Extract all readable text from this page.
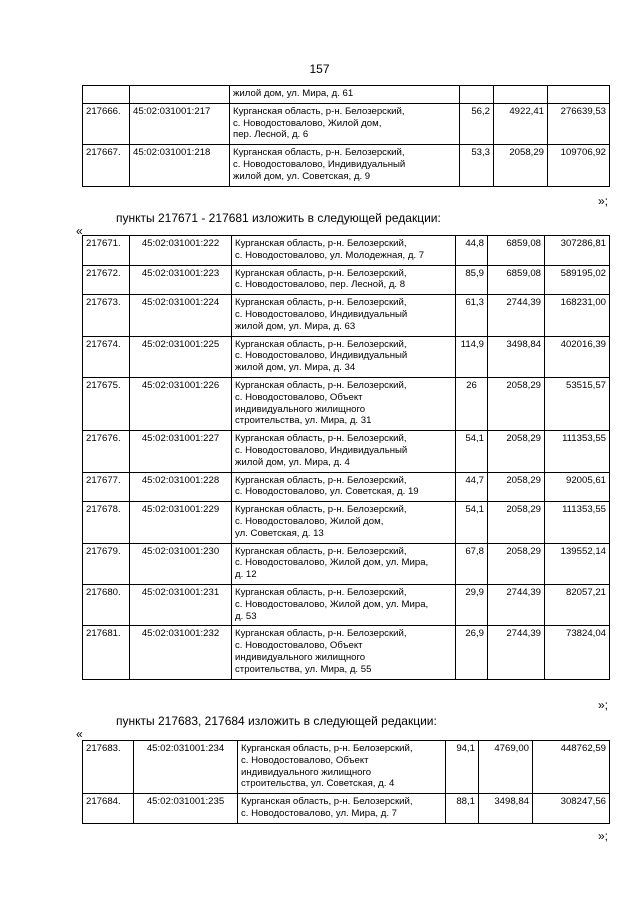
157
		жилой дом, ул. Мира, д. 61			
217666.	45:02:031001:217	Курганская область, р-н. Белозерский,
с. Новодостовалово, Жилой дом,
пер. Лесной, д. 6	56,2	4922,41	276639,53
217667.	45:02:031001:218	Курганская область, р-н. Белозерский,
с. Новодостовалово, Индивидуальный
жилой дом, ул. Советская, д. 9	53,3	2058,29	109706,92
»;
пункты 217671 - 217681 изложить в следующей редакции:
«
217671.	45:02:031001:222	Курганская область, р-н. Белозерский,
с. Новодостовалово, ул. Молодежная, д. 7	44,8	6859,08	307286,81
217672.	45:02:031001:223	Курганская область, р-н. Белозерский,
с. Новодостовалово, пер. Лесной, д. 8	85,9	6859,08	589195,02
217673.	45:02:031001:224	Курганская область, р-н. Белозерский,
с. Новодостовалово, Индивидуальный
жилой дом, ул. Мира, д. 63	61,3	2744,39	168231,00
217674.	45:02:031001:225	Курганская область, р-н. Белозерский,
с. Новодостовалово, Индивидуальный
жилой дом, ул. Мира, д. 34	114,9	3498,84	402016,39
217675.	45:02:031001:226	Курганская область, р-н. Белозерский,
с. Новодостовалово, Объект
индивидуального жилищного
строительства, ул. Мира, д. 31	26	2058,29	53515,57
217676.	45:02:031001:227	Курганская область, р-н. Белозерский,
с. Новодостовалово, Индивидуальный
жилой дом, ул. Мира, д. 4	54,1	2058,29	111353,55
217677.	45:02:031001:228	Курганская область, р-н. Белозерский,
с. Новодостовалово, ул. Советская, д. 19	44,7	2058,29	92005,61
217678.	45:02:031001:229	Курганская область, р-н. Белозерский,
с. Новодостовалово, Жилой дом,
ул. Советская, д. 13	54,1	2058,29	111353,55
217679.	45:02:031001:230	Курганская область, р-н. Белозерский,
с. Новодостовалово, Жилой дом, ул. Мира,
д. 12	67,8	2058,29	139552,14
217680.	45:02:031001:231	Курганская область, р-н. Белозерский,
с. Новодостовалово, Жилой дом, ул. Мира,
д. 53	29,9	2744,39	82057,21
217681.	45:02:031001:232	Курганская область, р-н. Белозерский,
с. Новодостовалово, Объект
индивидуального жилищного
строительства, ул. Мира, д. 55	26,9	2744,39	73824,04
»;
пункты 217683, 217684 изложить в следующей редакции:
«
217683.	45:02:031001:234	Курганская область, р-н. Белозерский,
с. Новодостовалово, Объект
индивидуального жилищного
строительства, ул. Советская, д. 4	94,1	4769,00	448762,59
217684.	45:02:031001:235	Курганская область, р-н. Белозерский,
с. Новодостовалово, ул. Мира, д. 7	88,1	3498,84	308247,56
»;
